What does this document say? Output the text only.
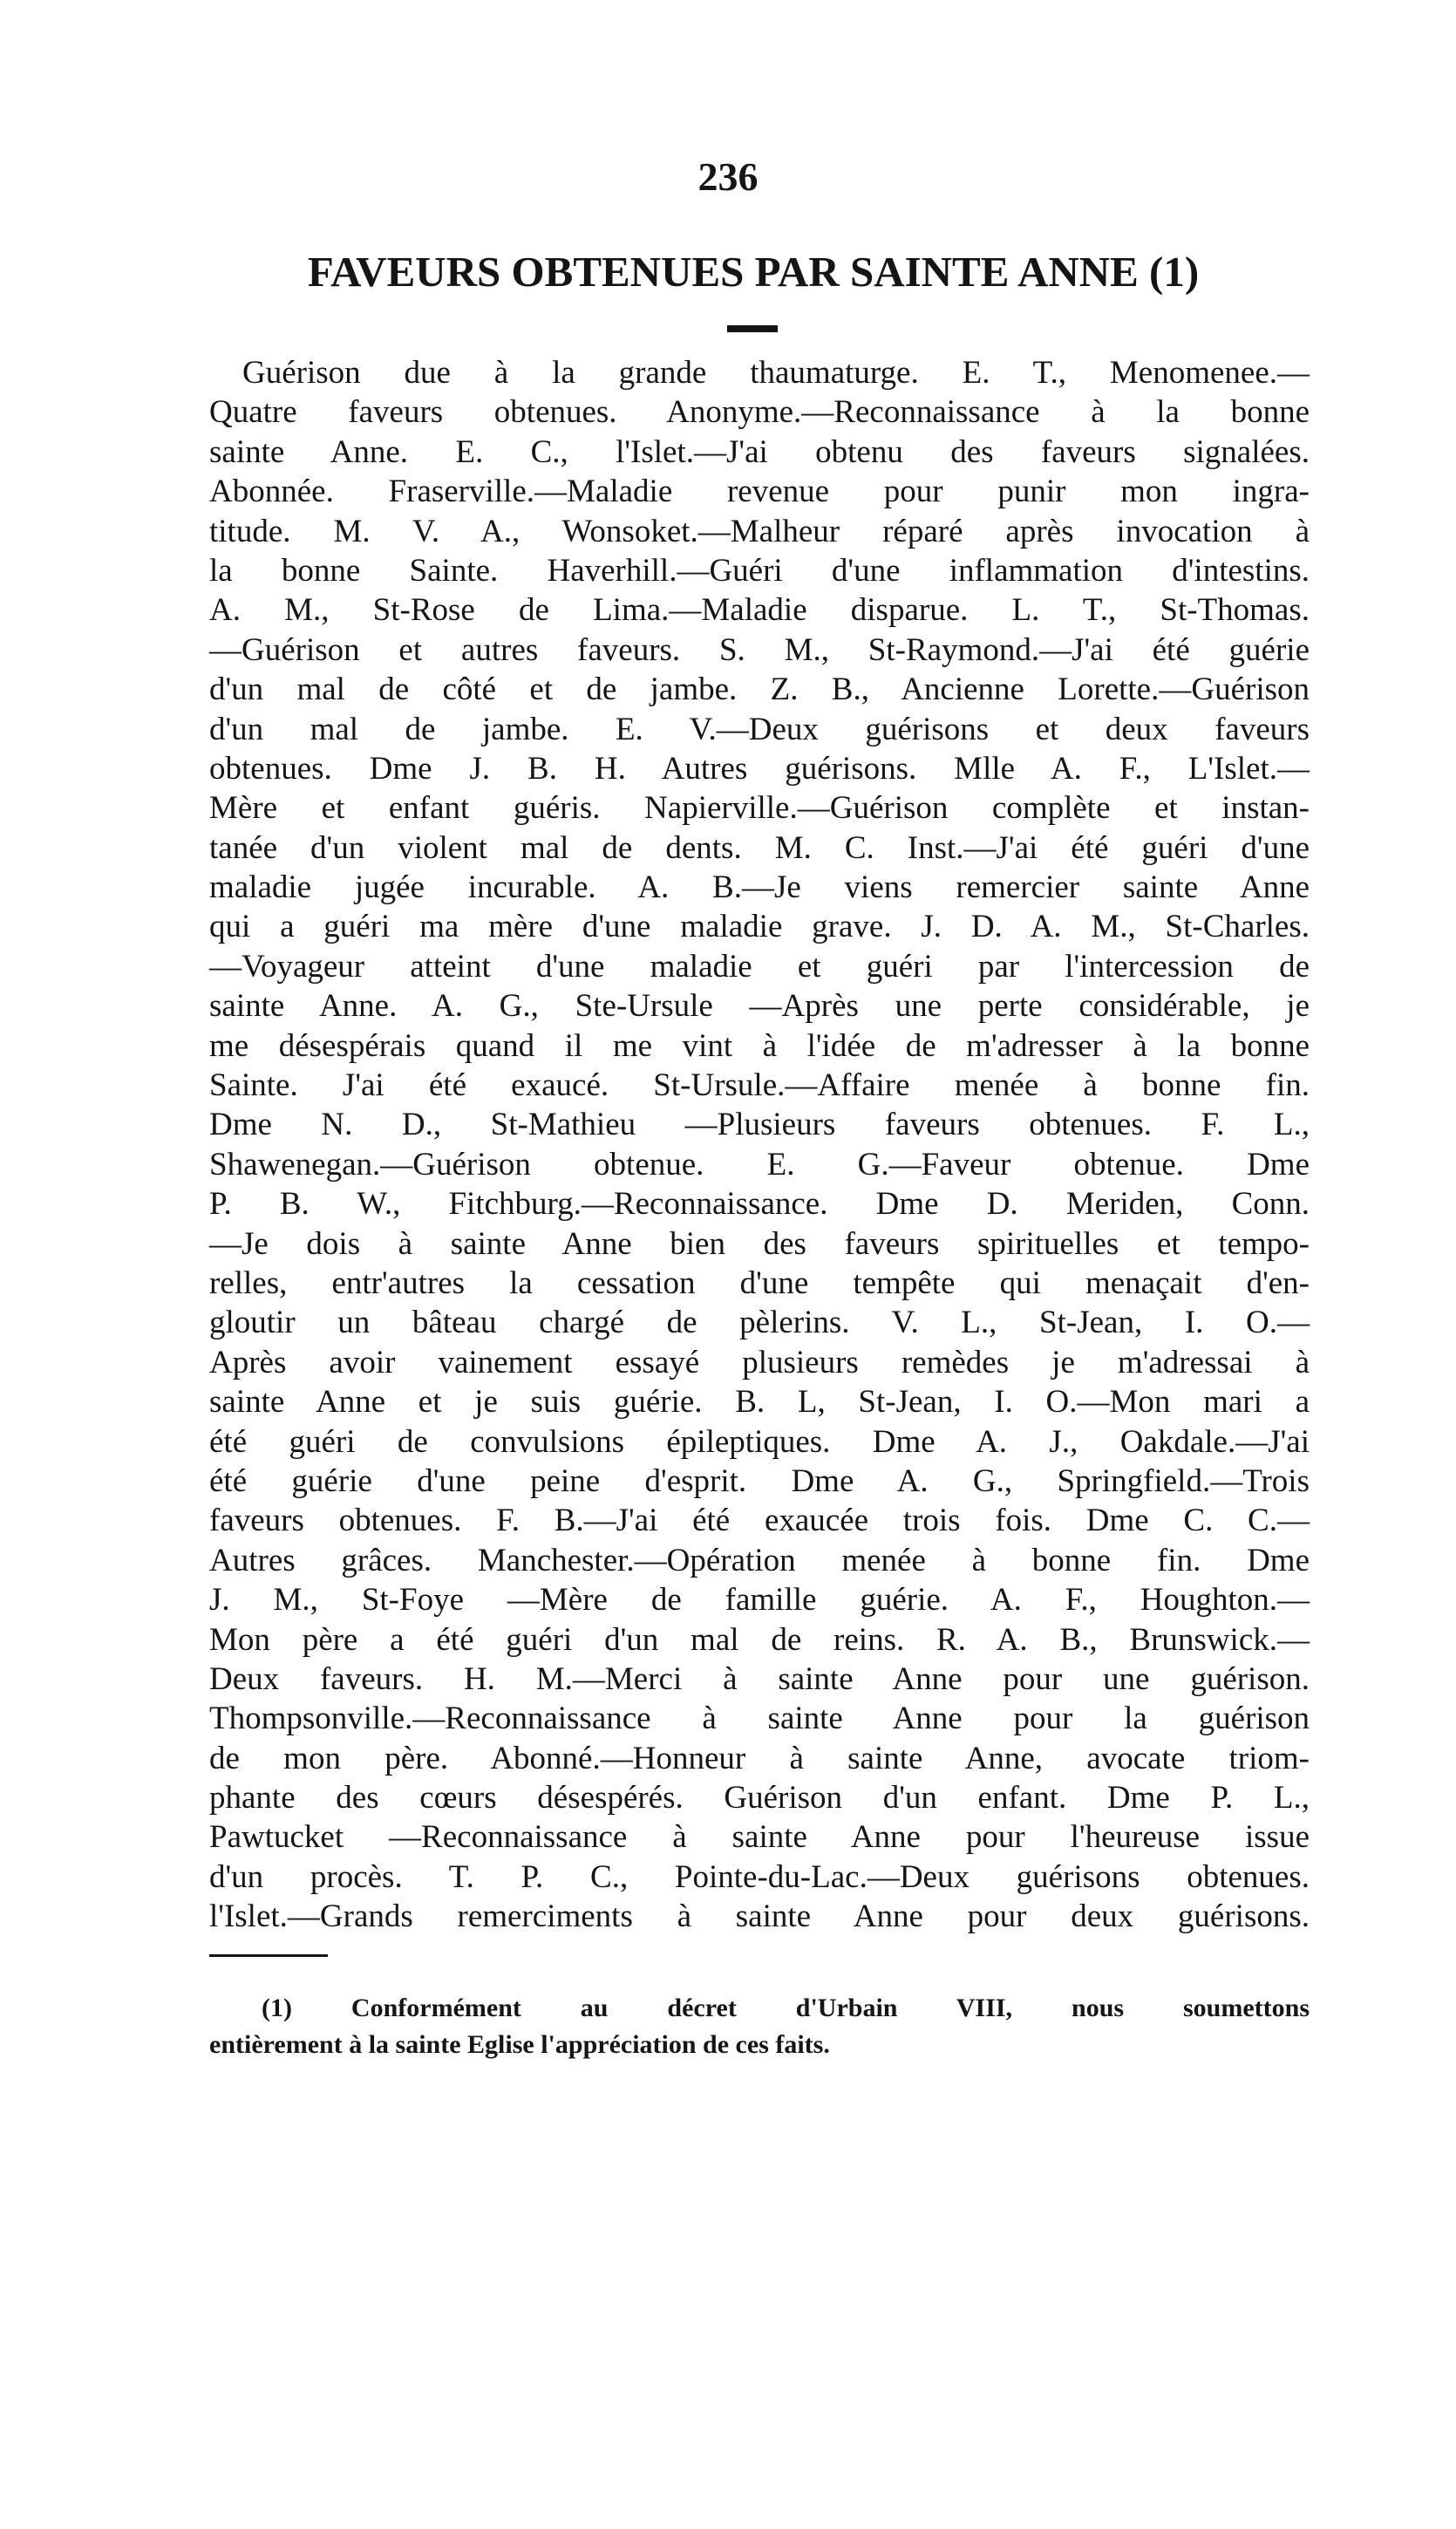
236
FAVEURS OBTENUES PAR SAINTE ANNE (1)
Guérison due à la grande thaumaturge. E. T., Menomenee.—
Quatre faveurs obtenues. Anonyme.—Reconnaissance à la bonne
sainte Anne. E. C., l'Islet.—J'ai obtenu des faveurs signalées.
Abonnée. Fraserville.—Maladie revenue pour punir mon ingra-
titude. M. V. A., Wonsoket.—Malheur réparé après invocation à
la bonne Sainte. Haverhill.—Guéri d'une inflammation d'intestins.
A. M., St-Rose de Lima.—Maladie disparue. L. T., St-Thomas.
—Guérison et autres faveurs. S. M., St-Raymond.—J'ai été guérie
d'un mal de côté et de jambe. Z. B., Ancienne Lorette.—Guérison
d'un mal de jambe. E. V.—Deux guérisons et deux faveurs
obtenues. Dme J. B. H. Autres guérisons. Mlle A. F., L'Islet.—
Mère et enfant guéris. Napierville.—Guérison complète et instan-
tanée d'un violent mal de dents. M. C. Inst.—J'ai été guéri d'une
maladie jugée incurable. A. B.—Je viens remercier sainte Anne
qui a guéri ma mère d'une maladie grave. J. D. A. M., St-Charles.
—Voyageur atteint d'une maladie et guéri par l'intercession de
sainte Anne. A. G., Ste-Ursule —Après une perte considérable, je
me désespérais quand il me vint à l'idée de m'adresser à la bonne
Sainte. J'ai été exaucé. St-Ursule.—Affaire menée à bonne fin.
Dme N. D., St-Mathieu —Plusieurs faveurs obtenues. F. L.,
Shawenegan.—Guérison obtenue. E. G.—Faveur obtenue. Dme
P. B. W., Fitchburg.—Reconnaissance. Dme D. Meriden, Conn.
—Je dois à sainte Anne bien des faveurs spirituelles et tempo-
relles, entr'autres la cessation d'une tempête qui menaçait d'en-
gloutir un bâteau chargé de pèlerins. V. L., St-Jean, I. O.—
Après avoir vainement essayé plusieurs remèdes je m'adressai à
sainte Anne et je suis guérie. B. L, St-Jean, I. O.—Mon mari a
été guéri de convulsions épileptiques. Dme A. J., Oakdale.—J'ai
été guérie d'une peine d'esprit. Dme A. G., Springfield.—Trois
faveurs obtenues. F. B.—J'ai été exaucée trois fois. Dme C. C.—
Autres grâces. Manchester.—Opération menée à bonne fin. Dme
J. M., St-Foye —Mère de famille guérie. A. F., Houghton.—
Mon père a été guéri d'un mal de reins. R. A. B., Brunswick.—
Deux faveurs. H. M.—Merci à sainte Anne pour une guérison.
Thompsonville.—Reconnaissance à sainte Anne pour la guérison
de mon père. Abonné.—Honneur à sainte Anne, avocate triom-
phante des cœurs désespérés. Guérison d'un enfant. Dme P. L.,
Pawtucket —Reconnaissance à sainte Anne pour l'heureuse issue
d'un procès. T. P. C., Pointe-du-Lac.—Deux guérisons obtenues.
l'Islet.—Grands remerciments à sainte Anne pour deux guérisons.
(1) Conformément au décret d'Urbain VIII, nous soumettons
entièrement à la sainte Eglise l'appréciation de ces faits.
